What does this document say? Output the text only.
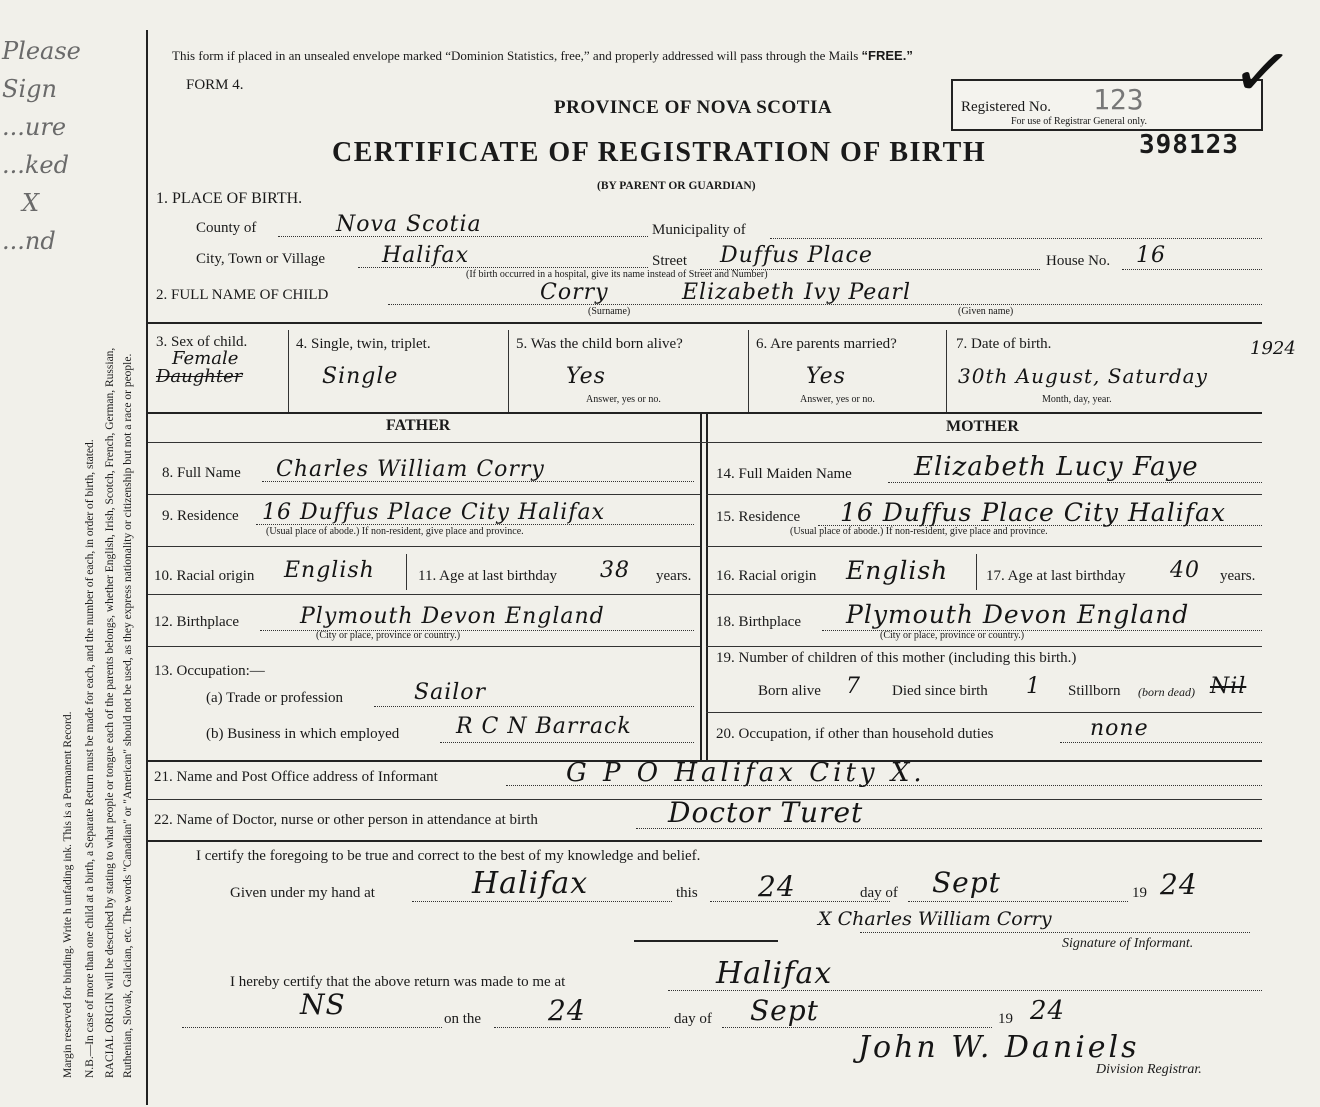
Please
Sign
...ure
...ked
X
...nd
Margin reserved for binding. Write h unfading ink. This is a Permanent Record. N.B.—In case of more than one child at a birth, a Separate Return must be made for each, and the number of each, in order of birth, stated. RACIAL ORIGIN will be described by stating to what people or tongue each of the parents belongs, whether English, Irish, Scotch, French, German, Russian, Ruthenian, Slovak, Galician, etc. The words "Canadian" or "American" should not be used, as they express nationality or citizenship but not a race or people.
This form if placed in an unsealed envelope marked “Dominion Statistics, free,” and properly addressed will pass through the Mails “FREE.”
FORM 4.
PROVINCE OF NOVA SCOTIA
CERTIFICATE OF REGISTRATION OF BIRTH
(BY PARENT OR GUARDIAN)
Registered No. 123
For use of Registrar General only.
398123
✓
1. PLACE OF BIRTH.
County of	Nova Scotia	Municipality of
City, Town or Village	Halifax	Street Duffus Place	House No. 16
(If birth occurred in a hospital, give its name instead of Street and Number)
2. FULL NAME OF CHILD	Corry	Elizabeth Ivy Pearl
(Surname)	(Given name)
3. Sex of child.
Female
Daughter
4. Single, twin, triplet.
Single
5. Was the child born alive?
Yes
Answer, yes or no.
6. Are parents married?
Yes
Answer, yes or no.
7. Date of birth.	1924
30th August, Saturday
Month, day, year.
FATHER	MOTHER
8. Full Name Charles William Corry
9. Residence 16 Duffus Place City Halifax
(Usual place of abode.) If non-resident, give place and province.
10. Racial origin English	11. Age at last birthday 38 years.
12. Birthplace	Plymouth Devon England
(City or place, province or country.)
13. Occupation:—
(a) Trade or profession	Sailor
(b) Business in which employed	R C N Barrack
14. Full Maiden Name Elizabeth Lucy Faye
15. Residence 16 Duffus Place City Halifax
(Usual place of abode.) If non-resident, give place and province.
16. Racial origin English	17. Age at last birthday 40 years.
18. Birthplace Plymouth Devon England
(City or place, province or country.)
19. Number of children of this mother (including this birth.)
Born alive 7 Died since birth 1 Stillborn (born dead) Nil
20. Occupation, if other than household duties	none
21. Name and Post Office address of Informant	G P O Halifax City X.
22. Name of Doctor, nurse or other person in attendance at birth	Doctor Turet
I certify the foregoing to be true and correct to the best of my knowledge and belief.
Given under my hand at	Halifax	this 24	day of Sept	19 24
X Charles William Corry
Signature of Informant.
I hereby certify that the above return was made to me at	Halifax
NS	on the 24	day of Sept	19 24
John W. Daniels
Division Registrar.
